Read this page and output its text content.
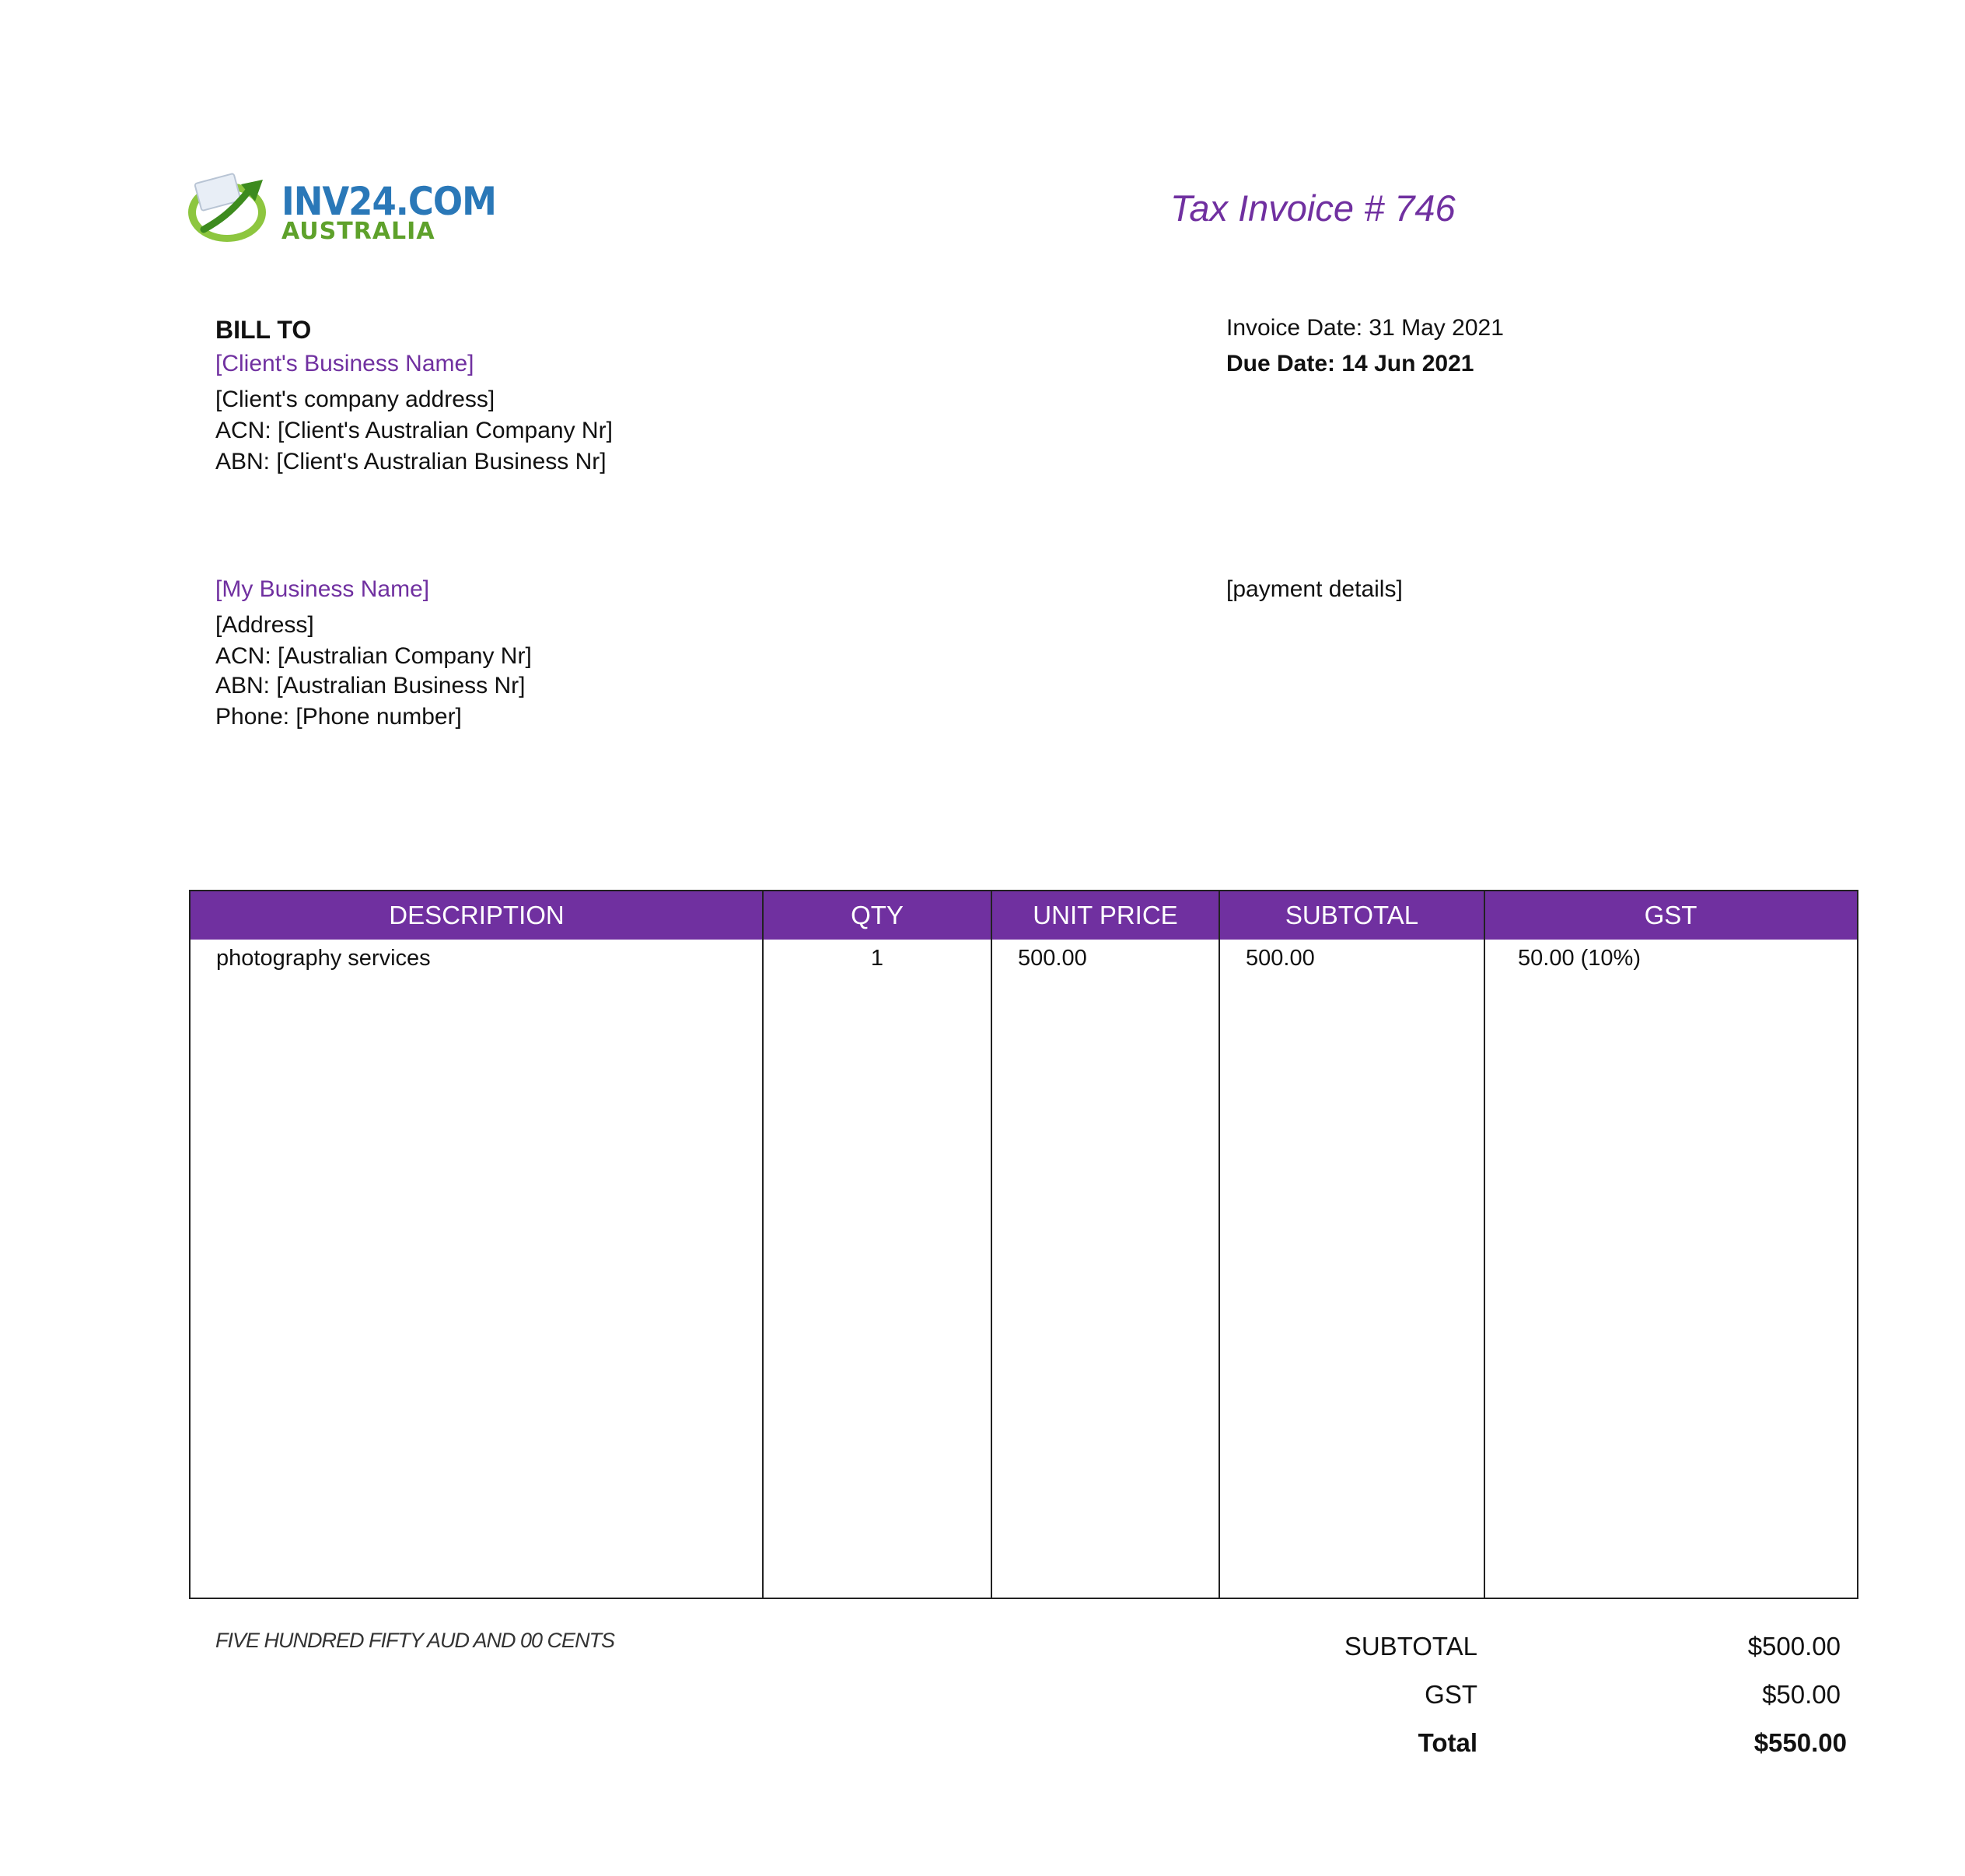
INV24.COM
AUSTRALIA
Tax Invoice # 746
BILL TO
[Client's Business Name]
[Client's company address]
ACN: [Client's Australian Company Nr]
ABN: [Client's Australian Business Nr]
Invoice Date: 31 May 2021
Due Date: 14 Jun 2021
[My Business Name]
[Address]
ACN: [Australian Company Nr]
ABN: [Australian Business Nr]
Phone: [Phone number]
[payment details]
DESCRIPTION	QTY	UNIT PRICE	SUBTOTAL	GST
photography services	1	500.00	500.00	50.00 (10%)
FIVE HUNDRED FIFTY AUD AND 00 CENTS	SUBTOTAL	$500.00
GST	$50.00
Total	$550.00
